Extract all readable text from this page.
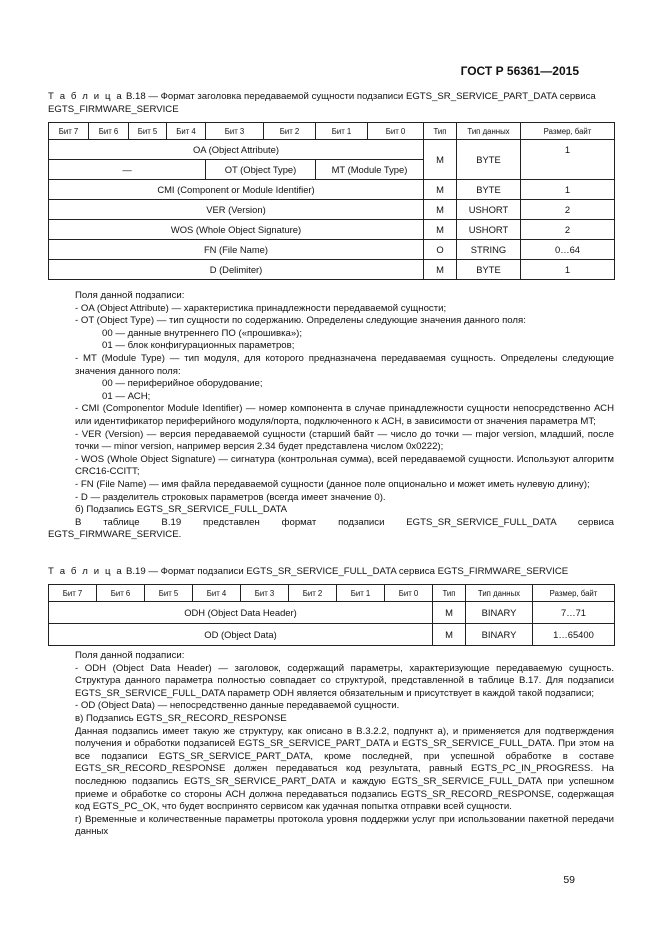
ГОСТ Р 56361—2015
Т а б л и ц а В.18 — Формат заголовка передаваемой сущности подзаписи EGTS_SR_SERVICE_PART_DATA сервиса EGTS_FIRMWARE_SERVICE
Бит 7	Бит 6	Бит 5	Бит 4	Бит 3	Бит 2	Бит 1	Бит 0	Тип	Тип данных	Размер, байт
OA (Object Attribute)								M	BYTE	1
—				OT (Object Type)		MT (Module Type)				
CMI (Component or Module Identifier)								M	BYTE	1
VER (Version)								M	USHORT	2
WOS (Whole Object Signature)								M	USHORT	2
FN (File Name)								O	STRING	0…64
D (Delimiter)								M	BYTE	1

Поля данной подзаписи:

- OA (Object Attribute) — характеристика принадлежности передаваемой сущности;

- OT (Object Type) — тип сущности по содержанию. Определены следующие значения данного поля:

00 — данные внутреннего ПО («прошивка»);

01 — блок конфигурационных параметров;

- MT (Module Type) — тип модуля, для которого предназначена передаваемая сущность. Определены следующие значения данного поля:

00 — периферийное оборудование;

01 — АСН;

- CMI (Componentor Module Identifier) — номер компонента в случае принадлежности сущности непосредственно АСН или идентификатор периферийного модуля/порта, подключенного к АСН, в зависимости от значения параметра MT;

- VER (Version) — версия передаваемой сущности (старший байт — число до точки — major version, младший, после точки — minor version, например версия 2.34 будет представлена числом 0x0222);

- WOS (Whole Object Signature) — сигнатура (контрольная сумма), всей передаваемой сущности. Используют алгоритм CRC16-CCITT;

- FN (File Name) — имя файла передаваемой сущности (данное поле опционально и может иметь нулевую длину);

- D — разделитель строковых параметров (всегда имеет значение 0).

б) Подзапись EGTS_SR_SERVICE_FULL_DATA

В таблице В.19 представлен формат подзаписи EGTS_SR_SERVICE_FULL_DATA сервиса

EGTS_FIRMWARE_SERVICE.

Т а б л и ц а В.19 — Формат подзаписи EGTS_SR_SERVICE_FULL_DATA сервиса EGTS_FIRMWARE_SERVICE
Бит 7	Бит 6	Бит 5	Бит 4	Бит 3	Бит 2	Бит 1	Бит 0	Тип	Тип данных	Размер, байт
ODH (Object Data Header)								M	BINARY	7…71
OD (Object Data)								M	BINARY	1…65400

Поля данной подзаписи:

- ODH (Object Data Header) — заголовок, содержащий параметры, характеризующие передаваемую сущность. Структура данного параметра полностью совпадает со структурой, представленной в таблице В.17. Для подзаписи EGTS_SR_SERVICE_FULL_DATA параметр ODH является обязательным и присутствует в каждой такой подзаписи;

- OD (Object Data) — непосредственно данные передаваемой сущности.

в) Подзапись EGTS_SR_RECORD_RESPONSE

Данная подзапись имеет такую же структуру, как описано в В.3.2.2, подпункт а), и применяется для подтверждения получения и обработки подзаписей EGTS_SR_SERVICE_PART_DATA и EGTS_SR_SERVICE_FULL_DATA. При этом на все подзаписи EGTS_SR_SERVICE_PART_DATA, кроме последней, при успешной обработке в составе EGTS_SR_RECORD_RESPONSE должен передаваться код результата, равный EGTS_PC_IN_PROGRESS. На последнюю подзапись EGTS_SR_SERVICE_PART_DATA и каждую EGTS_SR_SERVICE_FULL_DATA при успешном приеме и обработке со стороны АСН должна передаваться подзапись EGTS_SR_RECORD_RESPONSE, содержащая код EGTS_PC_OK, что будет воспринято сервисом как удачная попытка отправки всей сущности.

г) Временные и количественные параметры протокола уровня поддержки услуг при использовании пакетной передачи данных

59
